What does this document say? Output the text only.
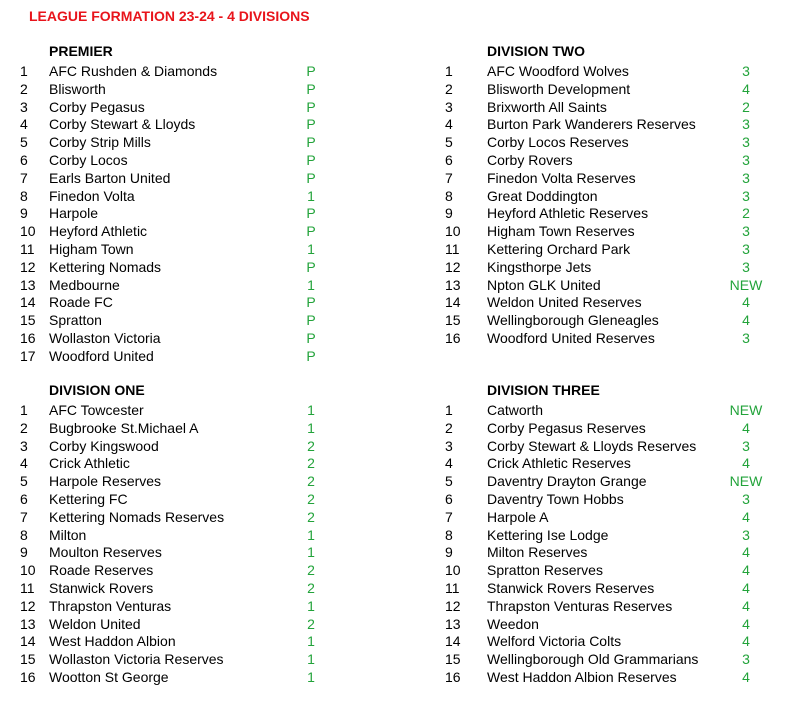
LEAGUE FORMATION 23-24 - 4 DIVISIONS
PREMIER
1 AFC Rushden & Diamonds	P
2 Blisworth	P
3 Corby Pegasus	P
4 Corby Stewart & Lloyds	P
5 Corby Strip Mills	P
6 Corby Locos	P
7 Earls Barton United	P
8 Finedon Volta	1
9 Harpole	P
10 Heyford Athletic	P
11 Higham Town	1
12 Kettering Nomads	P
13 Medbourne	1
14 Roade FC	P
15 Spratton	P
16 Wollaston Victoria	P
17 Woodford United	P
DIVISION TWO
1 AFC Woodford Wolves	3
2 Blisworth Development	4
3 Brixworth All Saints	2
4 Burton Park Wanderers Reserves	3
5 Corby Locos Reserves	3
6 Corby Rovers	3
7 Finedon Volta Reserves	3
8 Great Doddington	3
9 Heyford Athletic Reserves	2
10 Higham Town Reserves	3
11 Kettering Orchard Park	3
12 Kingsthorpe Jets	3
13 Npton GLK United	NEW
14 Weldon United Reserves	4
15 Wellingborough Gleneagles	4
16 Woodford United Reserves	3
DIVISION ONE
1 AFC Towcester	1
2 Bugbrooke St.Michael A	1
3 Corby Kingswood	2
4 Crick Athletic	2
5 Harpole Reserves	2
6 Kettering FC	2
7 Kettering Nomads Reserves	2
8 Milton	1
9 Moulton Reserves	1
10 Roade Reserves	2
11 Stanwick Rovers	2
12 Thrapston Venturas	1
13 Weldon United	2
14 West Haddon Albion	1
15 Wollaston Victoria Reserves	1
16 Wootton St George	1
DIVISION THREE
1 Catworth	NEW
2 Corby Pegasus Reserves	4
3 Corby Stewart & Lloyds Reserves	3
4 Crick Athletic Reserves	4
5 Daventry Drayton Grange	NEW
6 Daventry Town Hobbs	3
7 Harpole A	4
8 Kettering Ise Lodge	3
9 Milton Reserves	4
10 Spratton Reserves	4
11 Stanwick Rovers Reserves	4
12 Thrapston Venturas Reserves	4
13 Weedon	4
14 Welford Victoria Colts	4
15 Wellingborough Old Grammarians	3
16 West Haddon Albion Reserves	4
